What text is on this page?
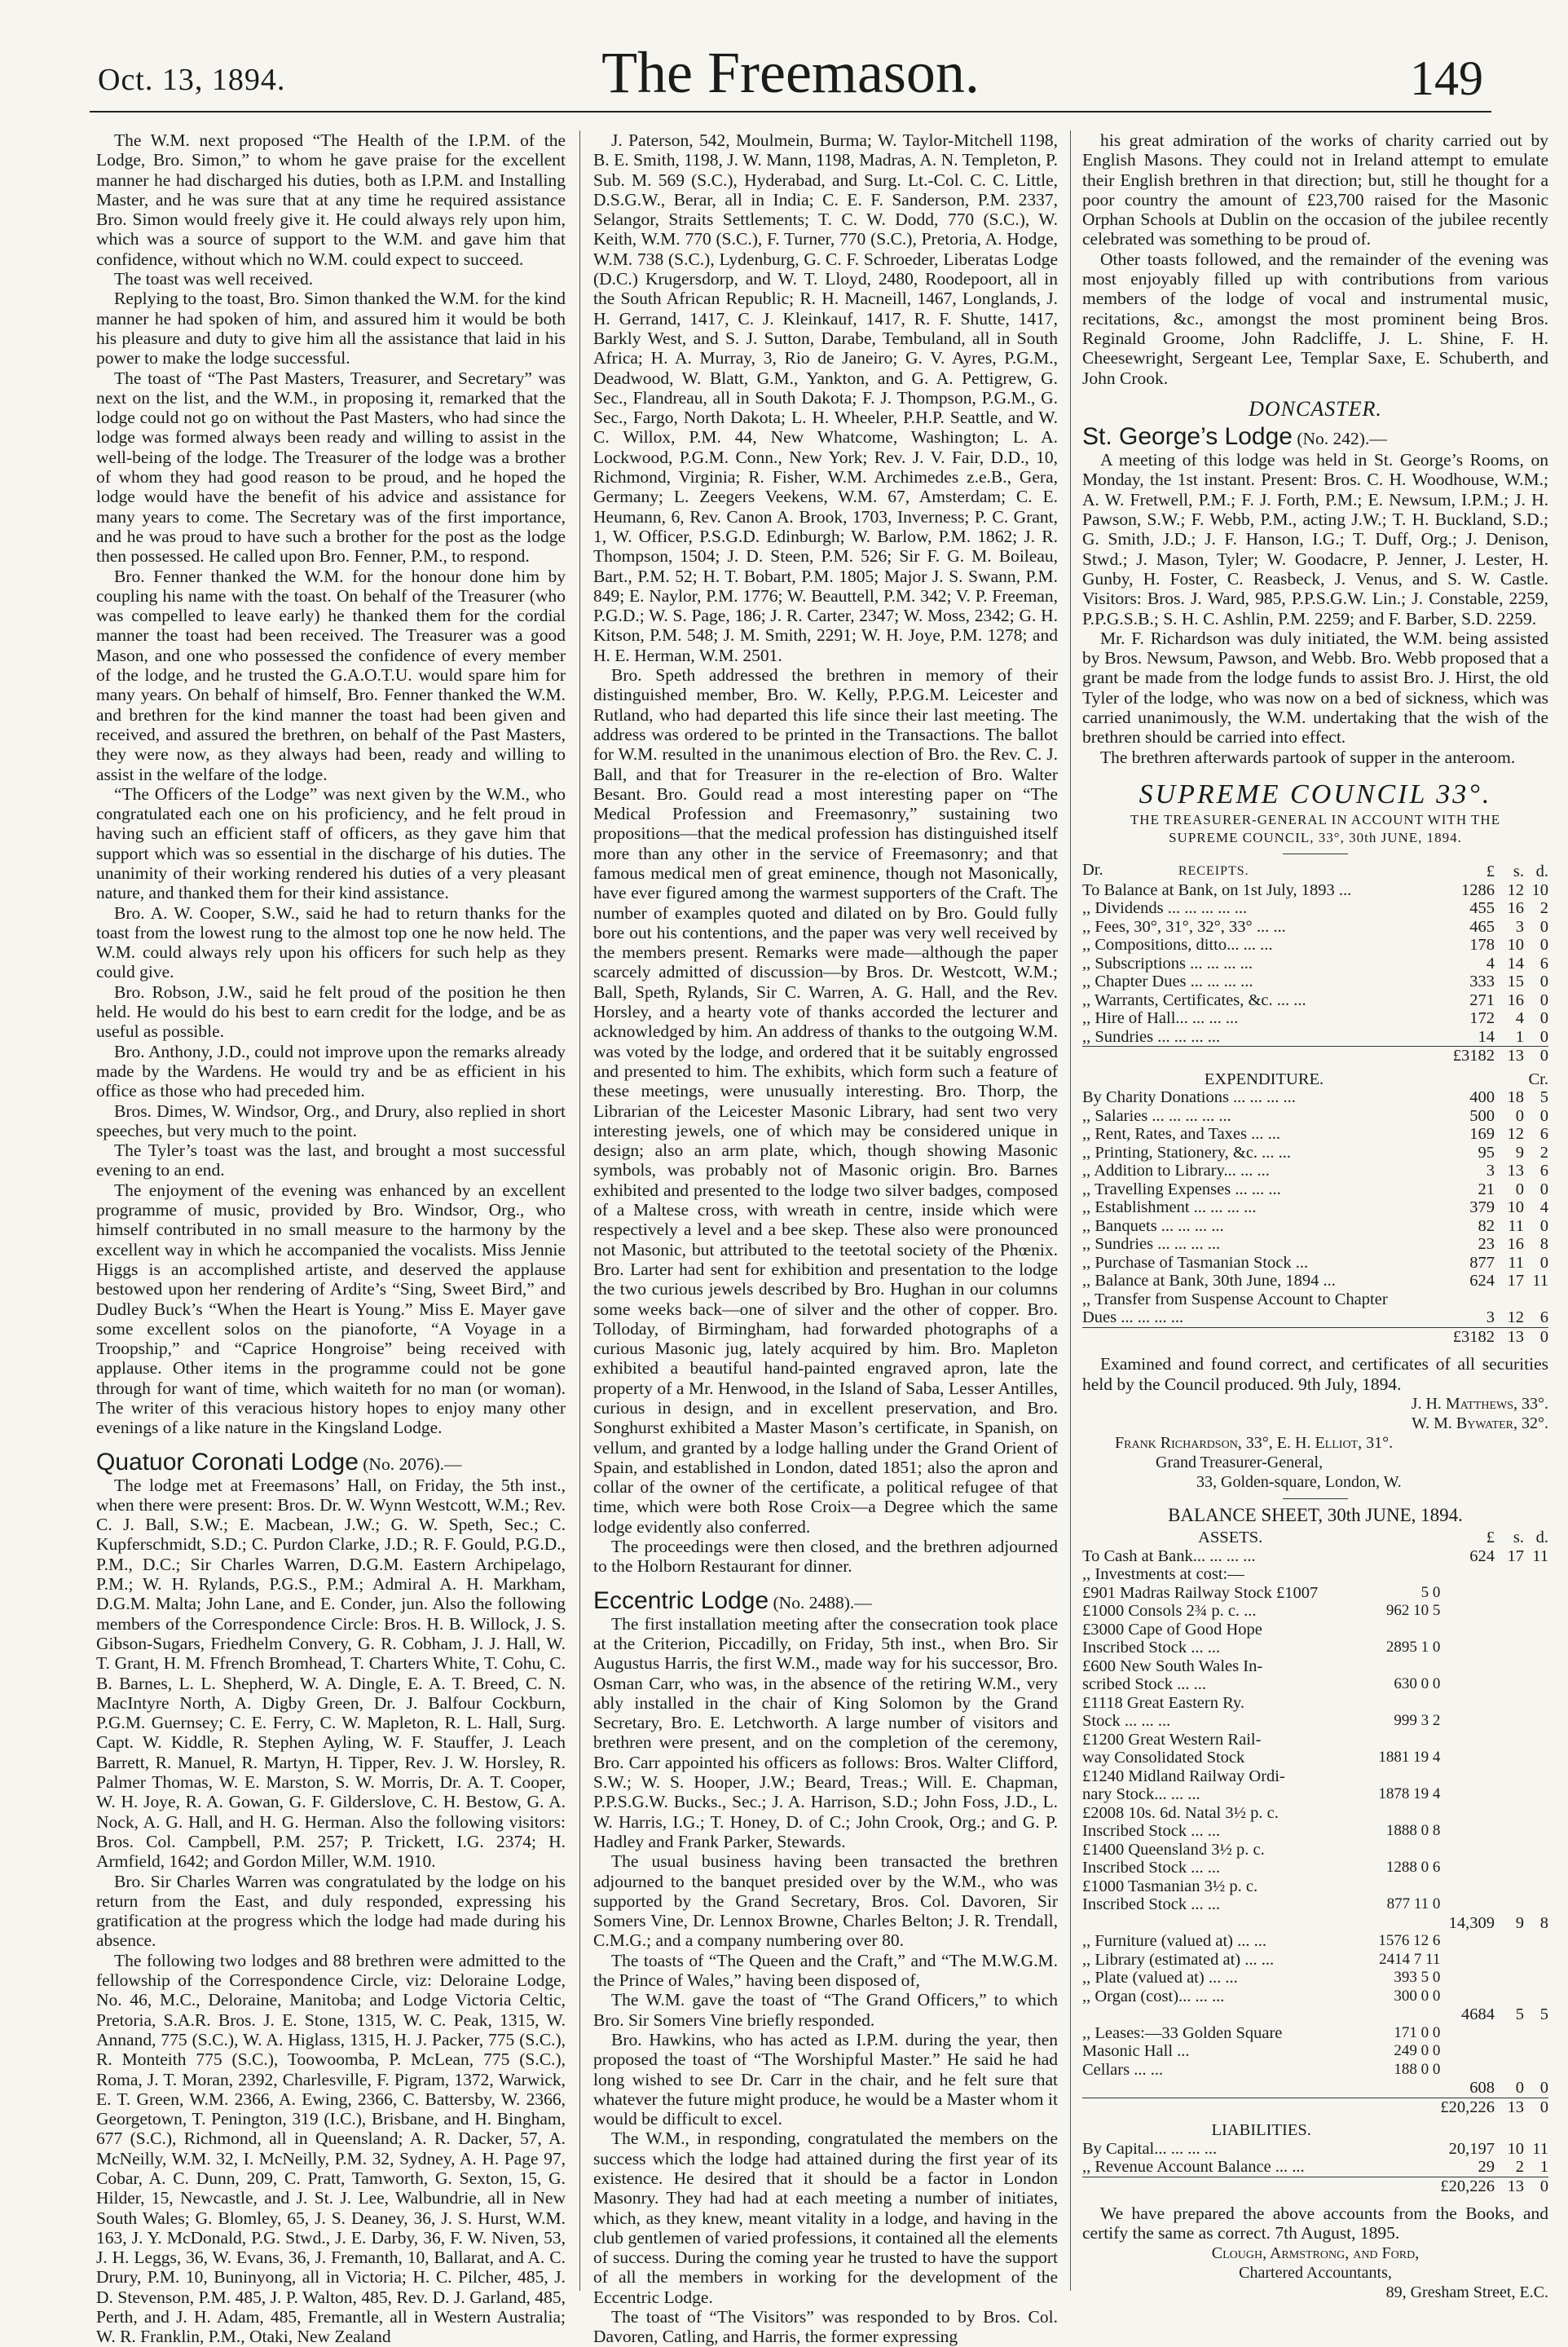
Oct. 13, 1894.	The Freemason.	149

The W.M. next proposed “The Health of the I.P.M. of the Lodge, Bro. Simon,” to whom he gave praise for the excellent manner he had discharged his duties, both as I.P.M. and Installing Master, and he was sure that at any time he required assistance Bro. Simon would freely give it. He could always rely upon him, which was a source of support to the W.M. and gave him that confidence, without which no W.M. could expect to succeed.

The toast was well received.

Replying to the toast, Bro. Simon thanked the W.M. for the kind manner he had spoken of him, and assured him it would be both his pleasure and duty to give him all the assistance that laid in his power to make the lodge successful.

The toast of “The Past Masters, Treasurer, and Secretary” was next on the list, and the W.M., in proposing it, remarked that the lodge could not go on without the Past Masters, who had since the lodge was formed always been ready and willing to assist in the well-being of the lodge. The Treasurer of the lodge was a brother of whom they had good reason to be proud, and he hoped the lodge would have the benefit of his advice and assistance for many years to come. The Secretary was of the first importance, and he was proud to have such a brother for the post as the lodge then possessed. He called upon Bro. Fenner, P.M., to respond.

Bro. Fenner thanked the W.M. for the honour done him by coupling his name with the toast. On behalf of the Treasurer (who was compelled to leave early) he thanked them for the cordial manner the toast had been received. The Treasurer was a good Mason, and one who possessed the confidence of every member of the lodge, and he trusted the G.A.O.T.U. would spare him for many years. On behalf of himself, Bro. Fenner thanked the W.M. and brethren for the kind manner the toast had been given and received, and assured the brethren, on behalf of the Past Masters, they were now, as they always had been, ready and willing to assist in the welfare of the lodge.

“The Officers of the Lodge” was next given by the W.M., who congratulated each one on his proficiency, and he felt proud in having such an efficient staff of officers, as they gave him that support which was so essential in the discharge of his duties. The unanimity of their working rendered his duties of a very pleasant nature, and thanked them for their kind assistance.

Bro. A. W. Cooper, S.W., said he had to return thanks for the toast from the lowest rung to the almost top one he now held. The W.M. could always rely upon his officers for such help as they could give.

Bro. Robson, J.W., said he felt proud of the position he then held. He would do his best to earn credit for the lodge, and be as useful as possible.

Bro. Anthony, J.D., could not improve upon the remarks already made by the Wardens. He would try and be as efficient in his office as those who had preceded him.

Bros. Dimes, W. Windsor, Org., and Drury, also replied in short speeches, but very much to the point.

The Tyler’s toast was the last, and brought a most successful evening to an end.

The enjoyment of the evening was enhanced by an excellent programme of music, provided by Bro. Windsor, Org., who himself contributed in no small measure to the harmony by the excellent way in which he accompanied the vocalists. Miss Jennie Higgs is an accomplished artiste, and deserved the applause bestowed upon her rendering of Ardite’s “Sing, Sweet Bird,” and Dudley Buck’s “When the Heart is Young.” Miss E. Mayer gave some excellent solos on the pianoforte, “A Voyage in a Troopship,” and “Caprice Hongroise” being received with applause. Other items in the programme could not be gone through for want of time, which waiteth for no man (or woman). The writer of this veracious history hopes to enjoy many other evenings of a like nature in the Kingsland Lodge.

Quatuor Coronati Lodge (No. 2076).—

The lodge met at Freemasons’ Hall, on Friday, the 5th inst., when there were present: Bros. Dr. W. Wynn Westcott, W.M.; Rev. C. J. Ball, S.W.; E. Macbean, J.W.; G. W. Speth, Sec.; C. Kupferschmidt, S.D.; C. Purdon Clarke, J.D.; R. F. Gould, P.G.D., P.M., D.C.; Sir Charles Warren, D.G.M. Eastern Archipelago, P.M.; W. H. Rylands, P.G.S., P.M.; Admiral A. H. Markham, D.G.M. Malta; John Lane, and E. Conder, jun. Also the following members of the Correspondence Circle: Bros. H. B. Willock, J. S. Gibson-Sugars, Friedhelm Convery, G. R. Cobham, J. J. Hall, W. T. Grant, H. M. Ffrench Bromhead, T. Charters White, T. Cohu, C. B. Barnes, L. L. Shepherd, W. A. Dingle, E. A. T. Breed, C. N. MacIntyre North, A. Digby Green, Dr. J. Balfour Cockburn, P.G.M. Guernsey; C. E. Ferry, C. W. Mapleton, R. L. Hall, Surg. Capt. W. Kiddle, R. Stephen Ayling, W. F. Stauffer, J. Leach Barrett, R. Manuel, R. Martyn, H. Tipper, Rev. J. W. Horsley, R. Palmer Thomas, W. E. Marston, S. W. Morris, Dr. A. T. Cooper, W. H. Joye, R. A. Gowan, G. F. Gilderslove, C. H. Bestow, G. A. Nock, A. G. Hall, and H. G. Herman. Also the following visitors: Bros. Col. Campbell, P.M. 257; P. Trickett, I.G. 2374; H. Armfield, 1642; and Gordon Miller, W.M. 1910.

Bro. Sir Charles Warren was congratulated by the lodge on his return from the East, and duly responded, expressing his gratification at the progress which the lodge had made during his absence.

The following two lodges and 88 brethren were admitted to the fellowship of the Correspondence Circle, viz: Deloraine Lodge, No. 46, M.C., Deloraine, Manitoba; and Lodge Victoria Celtic, Pretoria, S.A.R. Bros. J. E. Stone, 1315, W. C. Peak, 1315, W. Annand, 775 (S.C.), W. A. Higlass, 1315, H. J. Packer, 775 (S.C.), R. Monteith 775 (S.C.), Toowoomba, P. McLean, 775 (S.C.), Roma, J. T. Moran, 2392, Charlesville, F. Pigram, 1372, Warwick, E. T. Green, W.M. 2366, A. Ewing, 2366, C. Battersby, W. 2366, Georgetown, T. Penington, 319 (I.C.), Brisbane, and H. Bingham, 677 (S.C.), Richmond, all in Queensland; A. R. Dacker, 57, A. McNeilly, W.M. 32, I. McNeilly, P.M. 32, Sydney, A. H. Page 97, Cobar, A. C. Dunn, 209, C. Pratt, Tamworth, G. Sexton, 15, G. Hilder, 15, Newcastle, and J. St. J. Lee, Walbundrie, all in New South Wales; G. Blomley, 65, J. S. Deaney, 36, J. S. Hurst, W.M. 163, J. Y. McDonald, P.G. Stwd., J. E. Darby, 36, F. W. Niven, 53, J. H. Leggs, 36, W. Evans, 36, J. Fremanth, 10, Ballarat, and A. C. Drury, P.M. 10, Buninyong, all in Victoria; H. C. Pilcher, 485, J. D. Stevenson, P.M. 485, J. P. Walton, 485, Rev. D. J. Garland, 485, Perth, and J. H. Adam, 485, Fremantle, all in Western Australia; W. R. Franklin, P.M., Otaki, New Zealand

J. Paterson, 542, Moulmein, Burma; W. Taylor-Mitchell 1198, B. E. Smith, 1198, J. W. Mann, 1198, Madras, A. N. Templeton, P. Sub. M. 569 (S.C.), Hyderabad, and Surg. Lt.-Col. C. C. Little, D.S.G.W., Berar, all in India; C. E. F. Sanderson, P.M. 2337, Selangor, Straits Settlements; T. C. W. Dodd, 770 (S.C.), W. Keith, W.M. 770 (S.C.), F. Turner, 770 (S.C.), Pretoria, A. Hodge, W.M. 738 (S.C.), Lydenburg, G. C. F. Schroeder, Liberatas Lodge (D.C.) Krugersdorp, and W. T. Lloyd, 2480, Roodepoort, all in the South African Republic; R. H. Macneill, 1467, Longlands, J. H. Gerrand, 1417, C. J. Kleinkauf, 1417, R. F. Shutte, 1417, Barkly West, and S. J. Sutton, Darabe, Tembuland, all in South Africa; H. A. Murray, 3, Rio de Janeiro; G. V. Ayres, P.G.M., Deadwood, W. Blatt, G.M., Yankton, and G. A. Pettigrew, G. Sec., Flandreau, all in South Dakota; F. J. Thompson, P.G.M., G. Sec., Fargo, North Dakota; L. H. Wheeler, P.H.P. Seattle, and W. C. Willox, P.M. 44, New Whatcome, Washington; L. A. Lockwood, P.G.M. Conn., New York; Rev. J. V. Fair, D.D., 10, Richmond, Virginia; R. Fisher, W.M. Archimedes z.e.B., Gera, Germany; L. Zeegers Veekens, W.M. 67, Amsterdam; C. E. Heumann, 6, Rev. Canon A. Brook, 1703, Inverness; P. C. Grant, 1, W. Officer, P.S.G.D. Edinburgh; W. Barlow, P.M. 1862; J. R. Thompson, 1504; J. D. Steen, P.M. 526; Sir F. G. M. Boileau, Bart., P.M. 52; H. T. Bobart, P.M. 1805; Major J. S. Swann, P.M. 849; E. Naylor, P.M. 1776; W. Beauttell, P.M. 342; V. P. Freeman, P.G.D.; W. S. Page, 186; J. R. Carter, 2347; W. Moss, 2342; G. H. Kitson, P.M. 548; J. M. Smith, 2291; W. H. Joye, P.M. 1278; and H. E. Herman, W.M. 2501.

Bro. Speth addressed the brethren in memory of their distinguished member, Bro. W. Kelly, P.P.G.M. Leicester and Rutland, who had departed this life since their last meeting. The address was ordered to be printed in the Transactions. The ballot for W.M. resulted in the unanimous election of Bro. the Rev. C. J. Ball, and that for Treasurer in the re-election of Bro. Walter Besant. Bro. Gould read a most interesting paper on “The Medical Profession and Freemasonry,” sustaining two propositions—that the medical profession has distinguished itself more than any other in the service of Freemasonry; and that famous medical men of great eminence, though not Masonically, have ever figured among the warmest supporters of the Craft. The number of examples quoted and dilated on by Bro. Gould fully bore out his contentions, and the paper was very well received by the members present. Remarks were made—although the paper scarcely admitted of discussion—by Bros. Dr. Westcott, W.M.; Ball, Speth, Rylands, Sir C. Warren, A. G. Hall, and the Rev. Horsley, and a hearty vote of thanks accorded the lecturer and acknowledged by him. An address of thanks to the outgoing W.M. was voted by the lodge, and ordered that it be suitably engrossed and presented to him. The exhibits, which form such a feature of these meetings, were unusually interesting. Bro. Thorp, the Librarian of the Leicester Masonic Library, had sent two very interesting jewels, one of which may be considered unique in design; also an arm plate, which, though showing Masonic symbols, was probably not of Masonic origin. Bro. Barnes exhibited and presented to the lodge two silver badges, composed of a Maltese cross, with wreath in centre, inside which were respectively a level and a bee skep. These also were pronounced not Masonic, but attributed to the teetotal society of the Phœnix. Bro. Larter had sent for exhibition and presentation to the lodge the two curious jewels described by Bro. Hughan in our columns some weeks back—one of silver and the other of copper. Bro. Tolloday, of Birmingham, had forwarded photographs of a curious Masonic jug, lately acquired by him. Bro. Mapleton exhibited a beautiful hand-painted engraved apron, late the property of a Mr. Henwood, in the Island of Saba, Lesser Antilles, curious in design, and in excellent preservation, and Bro. Songhurst exhibited a Master Mason’s certificate, in Spanish, on vellum, and granted by a lodge halling under the Grand Orient of Spain, and established in London, dated 1851; also the apron and collar of the owner of the certificate, a political refugee of that time, which were both Rose Croix—a Degree which the same lodge evidently also conferred.

The proceedings were then closed, and the brethren adjourned to the Holborn Restaurant for dinner.

Eccentric Lodge (No. 2488).—

The first installation meeting after the consecration took place at the Criterion, Piccadilly, on Friday, 5th inst., when Bro. Sir Augustus Harris, the first W.M., made way for his successor, Bro. Osman Carr, who was, in the absence of the retiring W.M., very ably installed in the chair of King Solomon by the Grand Secretary, Bro. E. Letchworth. A large number of visitors and brethren were present, and on the completion of the ceremony, Bro. Carr appointed his officers as follows: Bros. Walter Clifford, S.W.; W. S. Hooper, J.W.; Beard, Treas.; Will. E. Chapman, P.P.S.G.W. Bucks., Sec.; J. A. Harrison, S.D.; John Foss, J.D., L. W. Harris, I.G.; T. Honey, D. of C.; John Crook, Org.; and G. P. Hadley and Frank Parker, Stewards.

The usual business having been transacted the brethren adjourned to the banquet presided over by the W.M., who was supported by the Grand Secretary, Bros. Col. Davoren, Sir Somers Vine, Dr. Lennox Browne, Charles Belton; J. R. Trendall, C.M.G.; and a company numbering over 80.

The toasts of “The Queen and the Craft,” and “The M.W.G.M. the Prince of Wales,” having been disposed of,

The W.M. gave the toast of “The Grand Officers,” to which Bro. Sir Somers Vine briefly responded.

Bro. Hawkins, who has acted as I.P.M. during the year, then proposed the toast of “The Worshipful Master.” He said he had long wished to see Dr. Carr in the chair, and he felt sure that whatever the future might produce, he would be a Master whom it would be difficult to excel.

The W.M., in responding, congratulated the members on the success which the lodge had attained during the first year of its existence. He desired that it should be a factor in London Masonry. They had had at each meeting a number of initiates, which, as they knew, meant vitality in a lodge, and having in the club gentlemen of varied professions, it contained all the elements of success. During the coming year he trusted to have the support of all the members in working for the development of the Eccentric Lodge.

The toast of “The Visitors” was responded to by Bros. Col. Davoren, Catling, and Harris, the former expressing

his great admiration of the works of charity carried out by English Masons. They could not in Ireland attempt to emulate their English brethren in that direction; but, still he thought for a poor country the amount of £23,700 raised for the Masonic Orphan Schools at Dublin on the occasion of the jubilee recently celebrated was something to be proud of.

Other toasts followed, and the remainder of the evening was most enjoyably filled up with contributions from various members of the lodge of vocal and instrumental music, recitations, &c., amongst the most prominent being Bros. Reginald Groome, John Radcliffe, J. L. Shine, F. H. Cheesewright, Sergeant Lee, Templar Saxe, E. Schuberth, and John Crook.

DONCASTER.

St. George’s Lodge (No. 242).—

A meeting of this lodge was held in St. George’s Rooms, on Monday, the 1st instant. Present: Bros. C. H. Woodhouse, W.M.; A. W. Fretwell, P.M.; F. J. Forth, P.M.; E. Newsum, I.P.M.; J. H. Pawson, S.W.; F. Webb, P.M., acting J.W.; T. H. Buckland, S.D.; G. Smith, J.D.; J. F. Hanson, I.G.; T. Duff, Org.; J. Denison, Stwd.; J. Mason, Tyler; W. Goodacre, P. Jenner, J. Lester, H. Gunby, H. Foster, C. Reasbeck, J. Venus, and S. W. Castle. Visitors: Bros. J. Ward, 985, P.P.S.G.W. Lin.; J. Constable, 2259, P.P.G.S.B.; S. H. C. Ashlin, P.M. 2259; and F. Barber, S.D. 2259.

Mr. F. Richardson was duly initiated, the W.M. being assisted by Bros. Newsum, Pawson, and Webb. Bro. Webb proposed that a grant be made from the lodge funds to assist Bro. J. Hirst, the old Tyler of the lodge, who was now on a bed of sickness, which was carried unanimously, the W.M. undertaking that the wish of the brethren should be carried into effect.

The brethren afterwards partook of supper in the anteroom.

SUPREME COUNCIL 33°.
THE TREASURER-GENERAL IN ACCOUNT WITH THE
SUPREME COUNCIL, 33°, 30th JUNE, 1894.
Dr. RECEIPTS.	£	s.	d.
To Balance at Bank, on 1st July, 1893 ...	1286	12	10
,, Dividends ... ... ... ... ...	455	16	2
,, Fees, 30°, 31°, 32°, 33° ... ...	465	3	0
,, Compositions, ditto... ... ...	178	10	0
,, Subscriptions ... ... ... ...	4	14	6
,, Chapter Dues ... ... ... ...	333	15	0
,, Warrants, Certificates, &c. ... ...	271	16	0
,, Hire of Hall... ... ... ...	172	4	0
,, Sundries ... ... ... ...	14	1	0
	£3182	13	0
EXPENDITURE.	Cr.		
By Charity Donations ... ... ... ...	400	18	5
,, Salaries ... ... ... ... ...	500	0	0
,, Rent, Rates, and Taxes ... ...	169	12	6
,, Printing, Stationery, &c. ... ...	95	9	2
,, Addition to Library... ... ...	3	13	6
,, Travelling Expenses ... ... ...	21	0	0
,, Establishment ... ... ... ...	379	10	4
,, Banquets ... ... ... ...	82	11	0
,, Sundries ... ... ... ...	23	16	8
,, Purchase of Tasmanian Stock ...	877	11	0
,, Balance at Bank, 30th June, 1894 ...	624	17	11
,, Transfer from Suspense Account to Chapter			
Dues ... ... ... ...	3	12	6
	£3182	13	0

Examined and found correct, and certificates of all securities held by the Council produced. 9th July, 1894.

J. H. Matthews, 33°.
W. M. Bywater, 32°.
Frank Richardson, 33°, E. H. Elliot, 31°.
Grand Treasurer-General,
33, Golden-square, London, W.
BALANCE SHEET, 30th JUNE, 1894.
ASSETS.		£	s.	d.
To Cash at Bank... ... ... ...		624	17	11
,, Investments at cost:—				
£901 Madras Railway Stock £1007	5 0			
£1000 Consols 2¾ p. c. ...	962 10 5			
£3000 Cape of Good Hope				
Inscribed Stock ... ...	2895 1 0			
£600 New South Wales In-				
scribed Stock ... ...	630 0 0			
£1118 Great Eastern Ry.				
Stock ... ... ...	999 3 2			
£1200 Great Western Rail-				
way Consolidated Stock	1881 19 4			
£1240 Midland Railway Ordi-				
nary Stock... ... ...	1878 19 4			
£2008 10s. 6d. Natal 3½ p. c.				
Inscribed Stock ... ...	1888 0 8			
£1400 Queensland 3½ p. c.				
Inscribed Stock ... ...	1288 0 6			
£1000 Tasmanian 3½ p. c.				
Inscribed Stock ... ...	877 11 0			
		14,309	9	8
,, Furniture (valued at) ... ...	1576 12 6			
,, Library (estimated at) ... ...	2414 7 11			
,, Plate (valued at) ... ...	393 5 0			
,, Organ (cost)... ... ...	300 0 0			
		4684	5	5
,, Leases:—33 Golden Square	171 0 0			
Masonic Hall ...	249 0 0			
Cellars ... ...	188 0 0			
		608	0	0
		£20,226	13	0
LIABILITIES.			
By Capital... ... ... ...	20,197	10	11
,, Revenue Account Balance ... ...	29	2	1
	£20,226	13	0

We have prepared the above accounts from the Books, and certify the same as correct. 7th August, 1895.

Clough, Armstrong, and Ford,
Chartered Accountants,
89, Gresham Street, E.C.
